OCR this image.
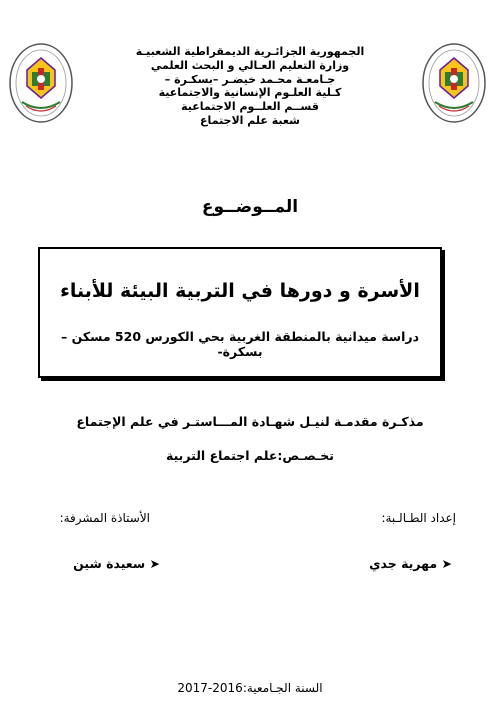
الجمهورية الجزائـرية الديمقراطية الشعبيـة
وزارة التعليم العـالي و البحث العلمي
جـامعـة محـمد خيضـر –بسكـرة –
كـلية العلـوم الإنسانية والاجتماعية
قســم العلــوم الاجتماعية
شعبة علم الاجتماع
المــوضــوع
الأسرة و دورها في التربية البيئة للأبناء
دراسة ميدانية بالمنطقة الغربية بحي الكورس 520 مسكن –بسكرة-
مذكـرة مقدمـة لنيـل شهـادة المـــاستـر في علم الإجتماع
تخـصـص:علم اجتماع التربية
إعداد الطـالـبة:
الأستاذة المشرفة:
➤ مهرية جدي
➤ سعيدة شين
السنة الجـامعية:2016-2017
